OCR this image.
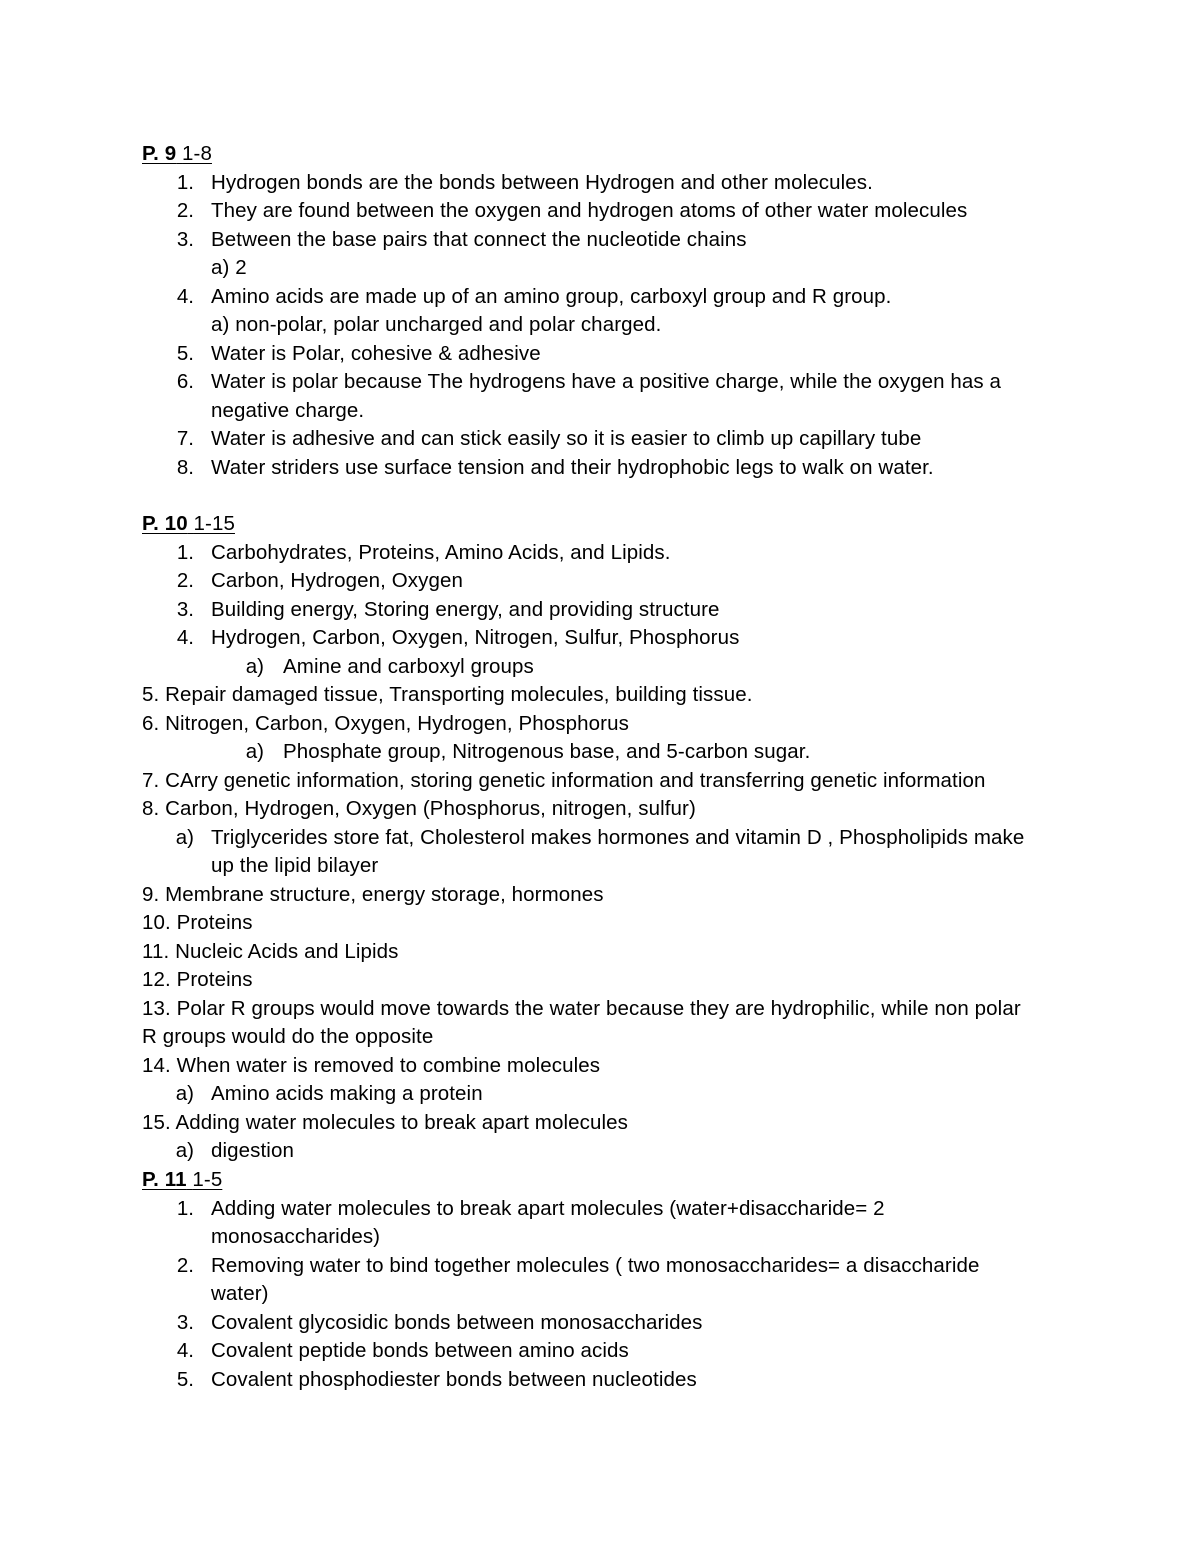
P. 9 1-8
1. Hydrogen bonds are the bonds between Hydrogen and other molecules.
2. They are found between the oxygen and hydrogen atoms of other water molecules
3. Between the base pairs that connect the nucleotide chains
a) 2
4. Amino acids are made up of an amino group, carboxyl group and R group.
a) non-polar, polar uncharged and polar charged.
5. Water is Polar, cohesive & adhesive
6. Water is polar because The hydrogens have a positive charge, while the oxygen has a
negative charge.
7. Water is adhesive and can stick easily so it is easier to climb up capillary tube
8. Water striders use surface tension and their hydrophobic legs to walk on water.
P. 10 1-15
1. Carbohydrates, Proteins, Amino Acids, and Lipids.
2. Carbon, Hydrogen, Oxygen
3. Building energy, Storing energy, and providing structure
4. Hydrogen, Carbon, Oxygen, Nitrogen, Sulfur, Phosphorus
a) Amine and carboxyl groups
5. Repair damaged tissue, Transporting molecules, building tissue.
6. Nitrogen, Carbon, Oxygen, Hydrogen, Phosphorus
a) Phosphate group, Nitrogenous base, and 5-carbon sugar.
7. CArry genetic information, storing genetic information and transferring genetic information
8. Carbon, Hydrogen, Oxygen (Phosphorus, nitrogen, sulfur)
a) Triglycerides store fat, Cholesterol makes hormones and vitamin D , Phospholipids make
up the lipid bilayer
9. Membrane structure, energy storage, hormones
10. Proteins
11. Nucleic Acids and Lipids
12. Proteins
13. Polar R groups would move towards the water because they are hydrophilic, while non polar
R groups would do the opposite
14. When water is removed to combine molecules
a) Amino acids making a protein
15. Adding water molecules to break apart molecules
a) digestion
P. 11 1-5
1. Adding water molecules to break apart molecules (water+disaccharide= 2
monosaccharides)
2. Removing water to bind together molecules ( two monosaccharides= a disaccharide
water)
3. Covalent glycosidic bonds between monosaccharides
4. Covalent peptide bonds between amino acids
5. Covalent phosphodiester bonds between nucleotides
